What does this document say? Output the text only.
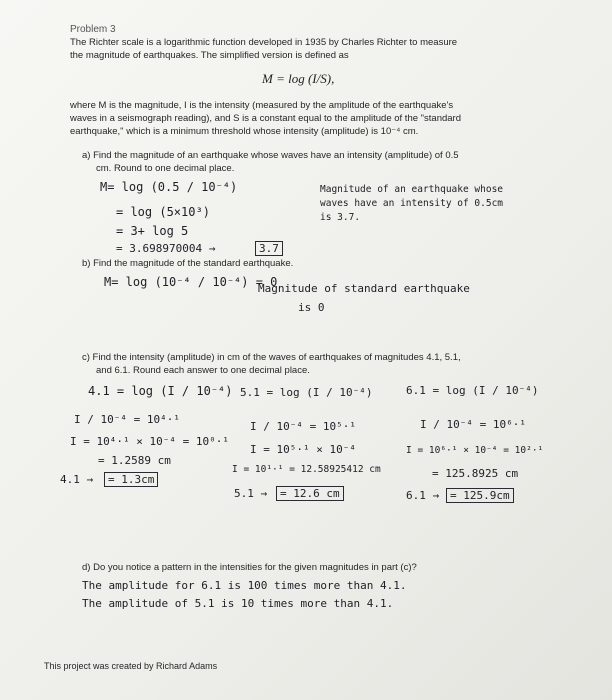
Problem 3
The Richter scale is a logarithmic function developed in 1935 by Charles Richter to measure
the magnitude of earthquakes. The simplified version is defined as
M = log (I/S),
where M is the magnitude, I is the intensity (measured by the amplitude of the earthquake's
waves in a seismograph reading), and S is a constant equal to the amplitude of the "standard
earthquake," which is a minimum threshold whose intensity (amplitude) is 10⁻⁴ cm.
a) Find the magnitude of an earthquake whose waves have an intensity (amplitude) of 0.5
cm. Round to one decimal place.
M= log (0.5 / 10⁻⁴)
= log (5×10³)
= 3+ log 5
= 3.698970004 →	3.7
Magnitude of an earthquake whose
waves have an intensity of 0.5cm
is 3.7.
b) Find the magnitude of the standard earthquake.
M= log (10⁻⁴ / 10⁻⁴) = 0
Magnitude of standard earthquake
is 0
c) Find the intensity (amplitude) in cm of the waves of earthquakes of magnitudes 4.1, 5.1,
and 6.1. Round each answer to one decimal place.
4.1 = log (I / 10⁻⁴)
I / 10⁻⁴ = 10⁴·¹
I = 10⁴·¹ × 10⁻⁴ = 10⁰·¹
= 1.2589 cm
4.1 →	= 1.3cm
5.1 = log (I / 10⁻⁴)
I / 10⁻⁴ = 10⁵·¹
I = 10⁵·¹ × 10⁻⁴
I = 10¹·¹ = 12.58925412 cm
5.1 →	= 12.6 cm
6.1 = log (I / 10⁻⁴)
I / 10⁻⁴ = 10⁶·¹
I = 10⁶·¹ × 10⁻⁴ = 10²·¹
= 125.8925 cm
6.1 → = 125.9cm
d) Do you notice a pattern in the intensities for the given magnitudes in part (c)?
The amplitude for 6.1 is 100 times more than 4.1.
The amplitude of 5.1 is 10 times more than 4.1.
This project was created by Richard Adams
